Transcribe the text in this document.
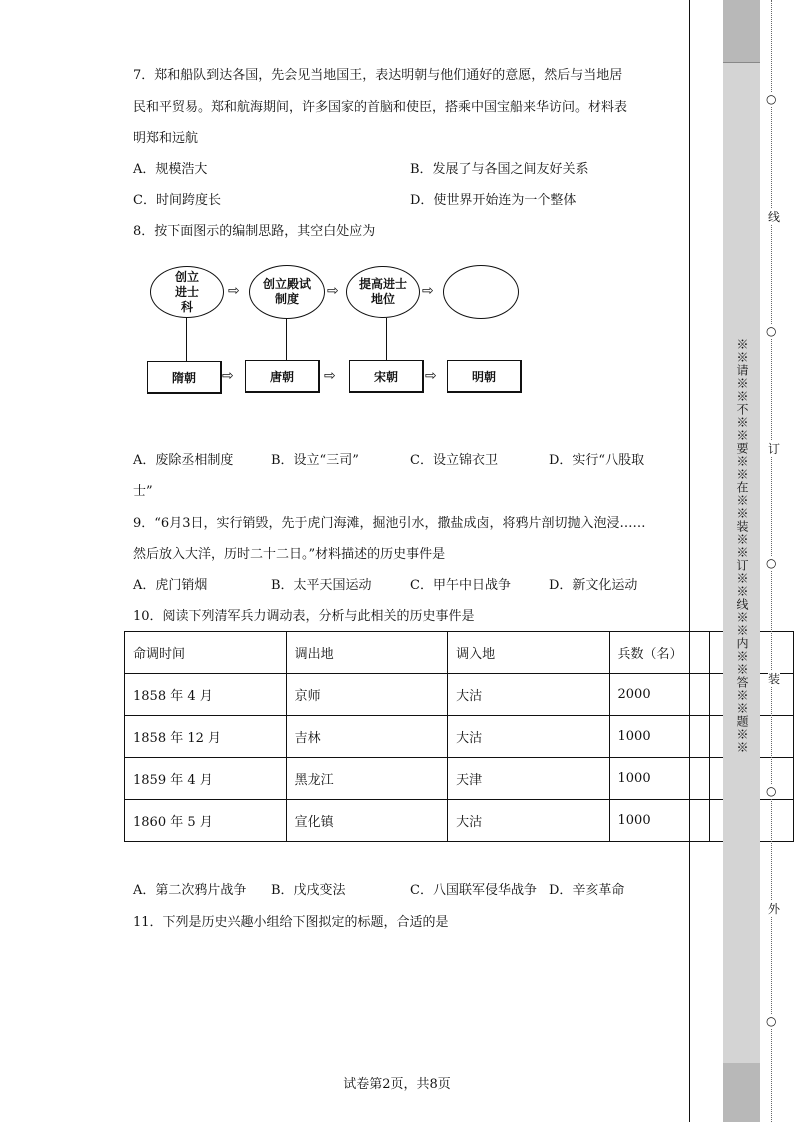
7．郑和船队到达各国，先会见当地国王，表达明朝与他们通好的意愿，然后与当地居
民和平贸易。郑和航海期间，许多国家的首脑和使臣，搭乘中国宝船来华访问。材料表
明郑和远航
A．规模浩大	B．发展了与各国之间友好关系
C．时间跨度长	D．使世界开始连为一个整体
8．按下面图示的编制思路，其空白处应为
创立进士科
⇨ 创立殿试制度	⇨ 提高进士地位	⇨
隋朝	⇨	唐朝	⇨	宋朝	⇨	明朝
A．废除丞相制度	B．设立“三司”	C．设立锦衣卫	D．实行“八股取
士”
9．“6月3日，实行销毁，先于虎门海滩，掘池引水，撒盐成卤，将鸦片剖切抛入泡浸……
然后放入大洋，历时二十二日。”材料描述的历史事件是
A．虎门销烟	B．太平天国运动	C．甲午中日战争	D．新文化运动
10．阅读下列清军兵力调动表，分析与此相关的历史事件是
命调时间	调出地	调入地	兵数（名）	
1858 年 4 月	京师	大沽	2000	
1858 年 12 月	吉林	大沽	1000	
1859 年 4 月	黑龙江	天津	1000	
1860 年 5 月	宣化镇	大沽	1000	
A．第二次鸦片战争 B．戊戌变法	C．八国联军侵华战争 D．辛亥革命
11．下列是历史兴趣小组给下图拟定的标题，合适的是
※※请※※不※※要※※在※※装※※订※※线※※内※※答※※题※※
○
线
○
订
○
装
○
外
○
试卷第2页，共8页
